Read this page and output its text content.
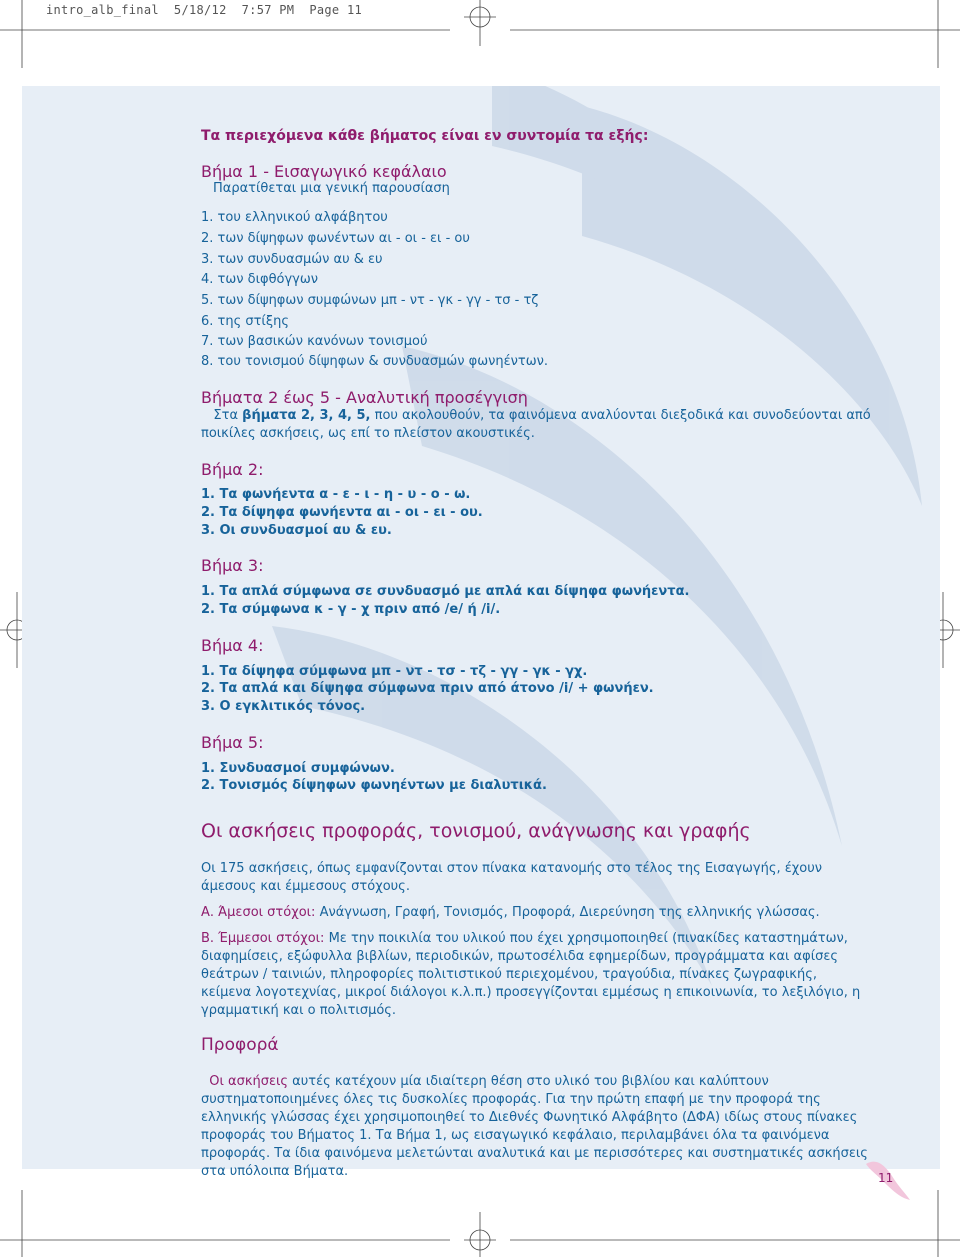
intro_alb_final  5/18/12  7:57 PM  Page 11
Τα περιεχόμενα κάθε βήματος είναι εν συντομία τα εξής:
Βήμα 1 - Εισαγωγικό κεφάλαιο
Παρατίθεται μια γενική παρουσίαση
1. του ελληνικού αλφάβητου
2. των δίψηφων φωνέντων αι - οι - ει - ου
3. των συνδυασμών αυ & ευ
4. των διφθόγγων
5. των δίψηφων συμφώνων μπ - ντ - γκ - γγ - τσ - τζ
6. της στίξης
7. των βασικών κανόνων τονισμού
8. του τονισμού δίψηφων & συνδυασμών φωνηέντων.
Βήματα 2 έως 5 - Αναλυτική προσέγγιση
Στα βήματα 2, 3, 4, 5, που ακολουθούν, τα φαινόμενα αναλύονται διεξοδικά και συνοδεύονται από ποικίλες ασκήσεις, ως επί το πλείστον ακουστικές.
Βήμα 2:
1. Τα φωνήεντα α - ε - ι - η - υ - ο - ω.
2. Τα δίψηφα φωνήεντα αι - οι - ει - ου.
3. Οι συνδυασμοί αυ & ευ.
Βήμα 3:
1. Τα απλά σύμφωνα σε συνδυασμό με απλά και δίψηφα φωνήεντα.
2. Τα σύμφωνα κ - γ - χ πριν από /e/ ή /i/.
Βήμα 4:
1. Τα δίψηφα σύμφωνα μπ - ντ - τσ - τζ - γγ - γκ - γχ.
2. Τα απλά και δίψηφα σύμφωνα πριν από άτονο /i/ + φωνήεν.
3. Ο εγκλιτικός τόνος.
Βήμα 5:
1. Συνδυασμοί συμφώνων.
2. Τονισμός δίψηφων φωνηέντων με διαλυτικά.
Οι ασκήσεις προφοράς, τονισμού, ανάγνωσης και γραφής
Οι 175 ασκήσεις, όπως εμφανίζονται στον πίνακα κατανομής στο τέλος της Εισαγωγής, έχουν άμεσους και έμμεσους στόχους.
Α. Άμεσοι στόχοι: Ανάγνωση, Γραφή, Τονισμός, Προφορά, Διερεύνηση της ελληνικής γλώσσας.
Β. Έμμεσοι στόχοι: Με την ποικιλία του υλικού που έχει χρησιμοποιηθεί (πινακίδες καταστημάτων, διαφημίσεις, εξώφυλλα βιβλίων, περιοδικών, πρωτοσέλιδα εφημερίδων, προγράμματα και αφίσες θεάτρων / ταινιών, πληροφορίες πολιτιστικού περιεχομένου, τραγούδια, πίνακες ζωγραφικής, κείμενα λογοτεχνίας, μικροί διάλογοι κ.λ.π.) προσεγγίζονται εμμέσως η επικοινωνία, το λεξιλόγιο, η γραμματική και ο πολιτισμός.
Προφορά
Οι ασκήσεις αυτές κατέχουν μία ιδιαίτερη θέση στο υλικό του βιβλίου και καλύπτουν συστηματοποιημένες όλες τις δυσκολίες προφοράς. Για την πρώτη επαφή με την προφορά της ελληνικής γλώσσας έχει χρησιμοποιηθεί το Διεθνές Φωνητικό Αλφάβητο (ΔΦΑ) ιδίως στους πίνακες προφοράς του Βήματος 1. Τα Βήμα 1, ως εισαγωγικό κεφάλαιο, περιλαμβάνει όλα τα φαινόμενα προφοράς. Τα ίδια φαινόμενα μελετώνται αναλυτικά και με περισσότερες και συστηματικές ασκήσεις στα υπόλοιπα Βήματα.	11
